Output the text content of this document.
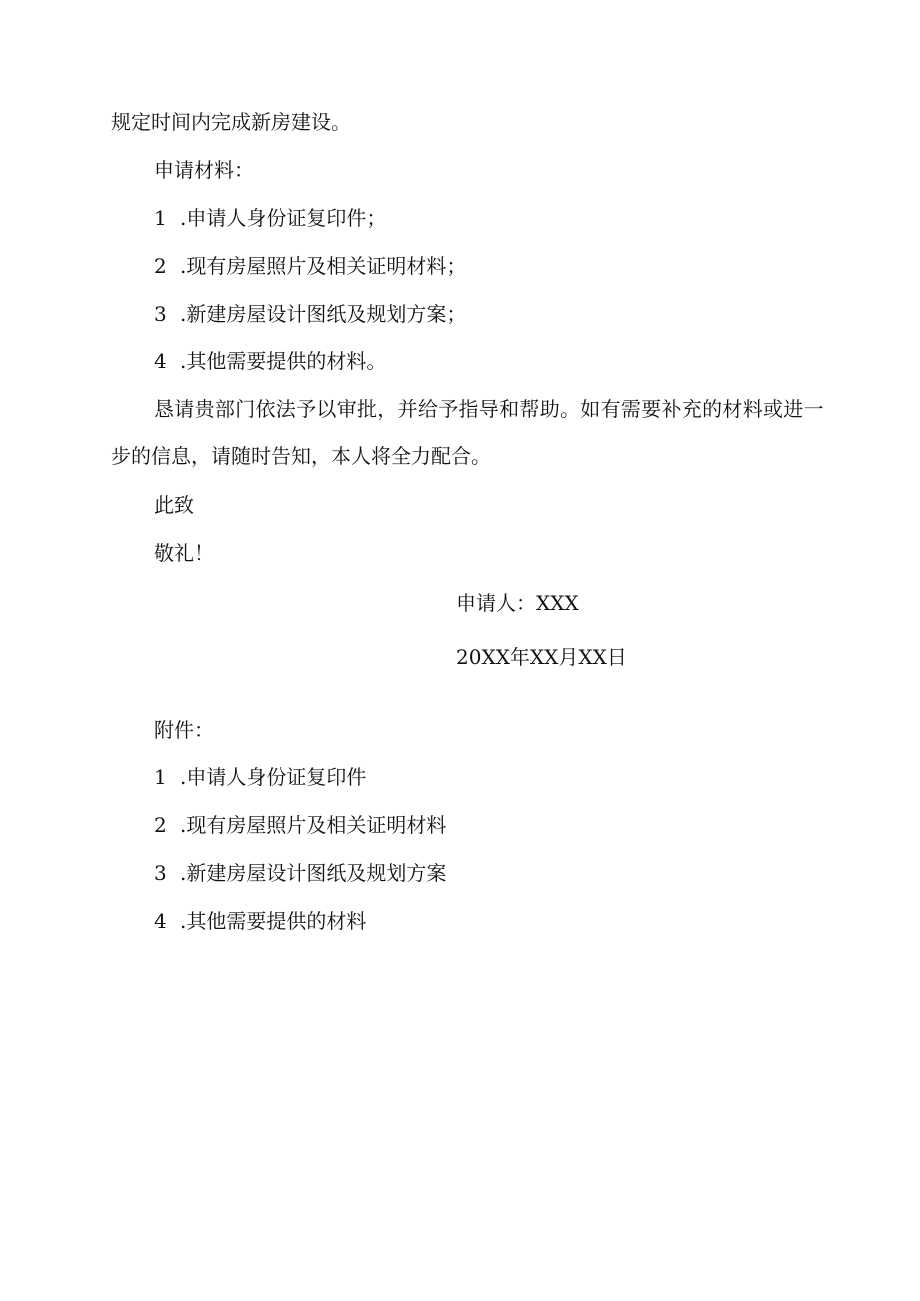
规定时间内完成新房建设。
申请材料：
1 .申请人身份证复印件；
2 .现有房屋照片及相关证明材料；
3 .新建房屋设计图纸及规划方案；
4 .其他需要提供的材料。
恳请贵部门依法予以审批，并给予指导和帮助。如有需要补充的材料或进一
步的信息，请随时告知，本人将全力配合。
此致
敬礼！
申请人：XXX
20XX年XX月XX日
附件：
1 .申请人身份证复印件
2 .现有房屋照片及相关证明材料
3 .新建房屋设计图纸及规划方案
4 .其他需要提供的材料
